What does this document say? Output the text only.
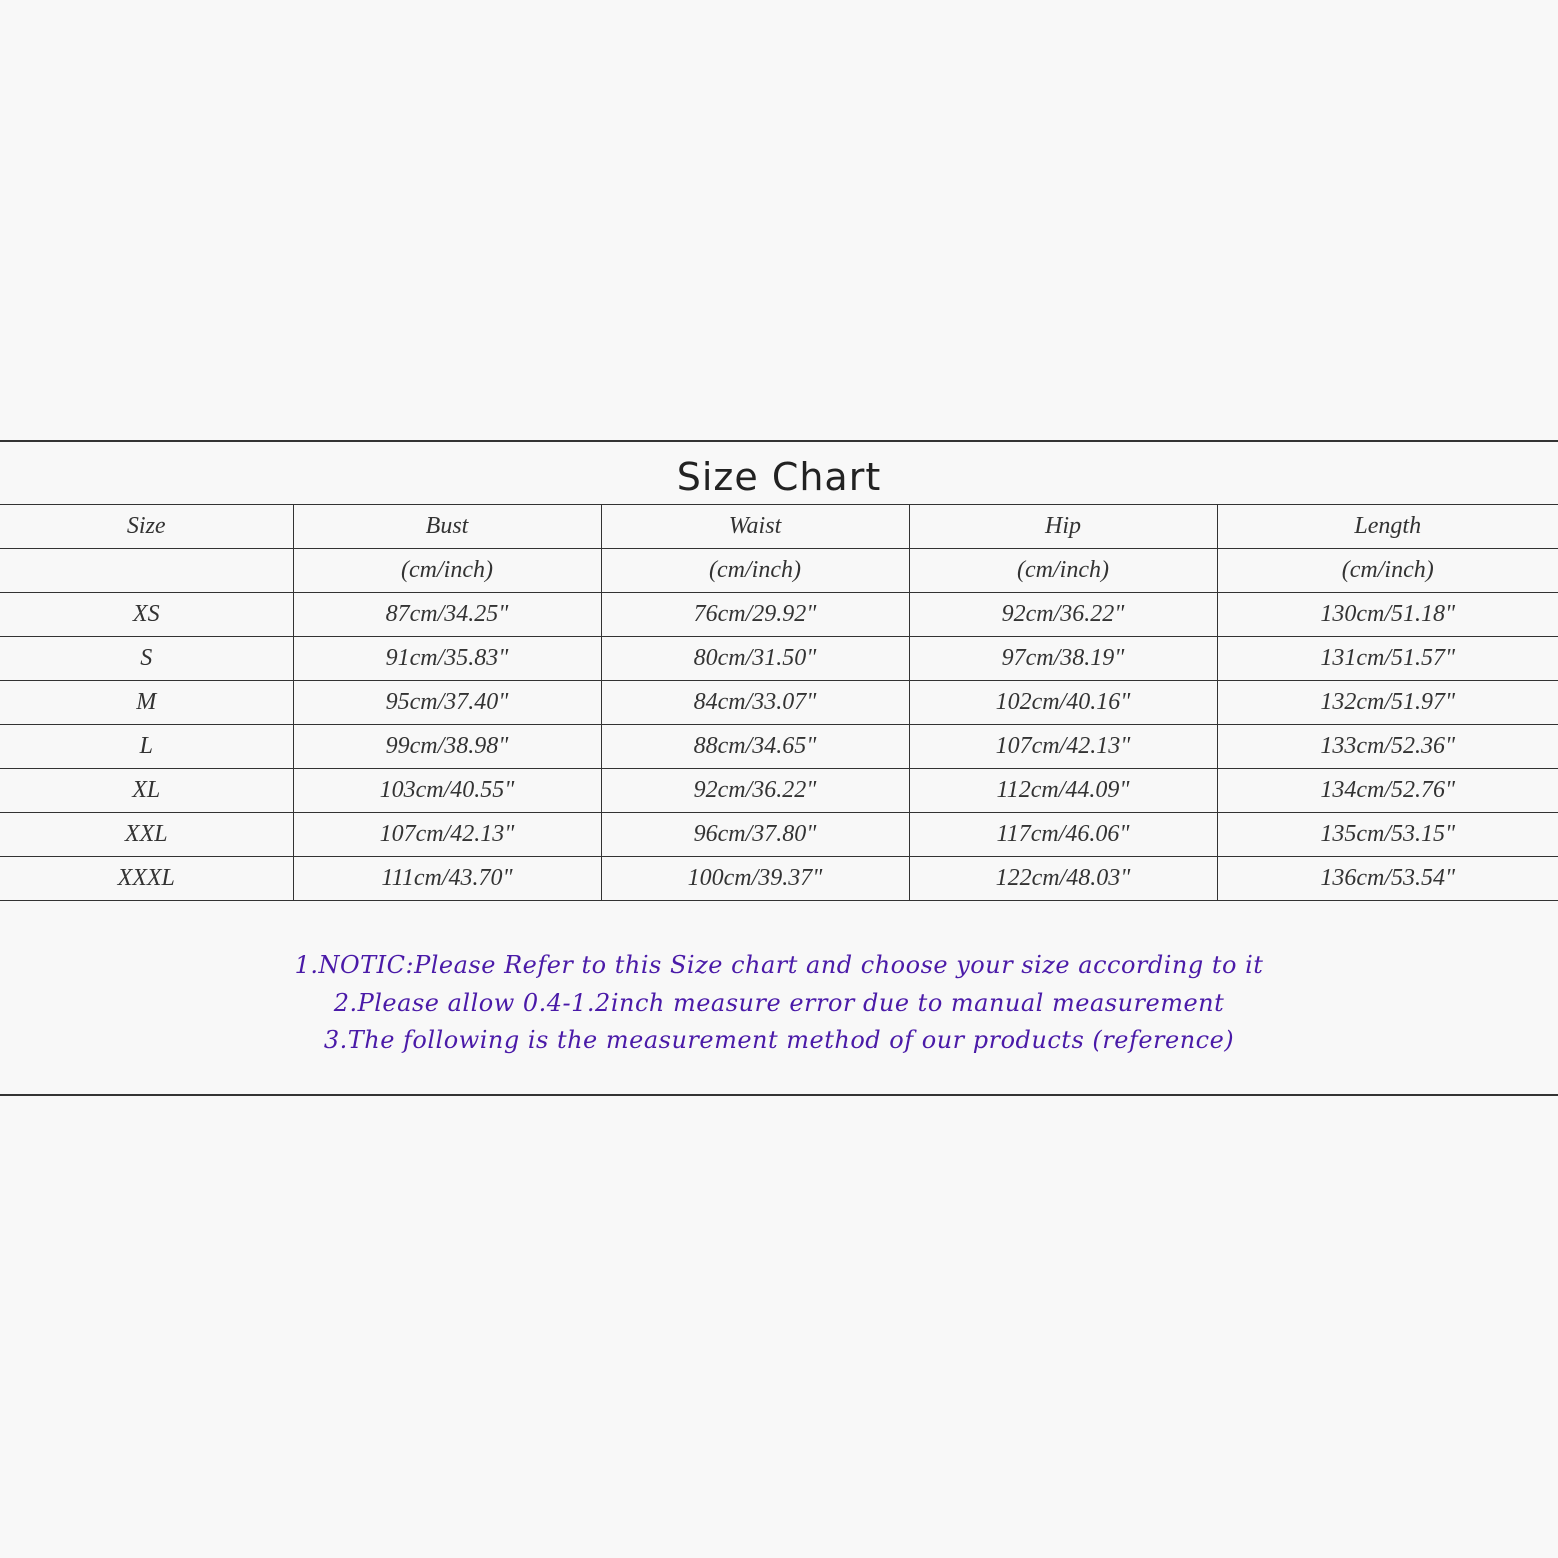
Size Chart
Size	Bust	Waist	Hip	Length
	(cm/inch)	(cm/inch)	(cm/inch)	(cm/inch)
XS	87cm/34.25"	76cm/29.92"	92cm/36.22"	130cm/51.18"
S	91cm/35.83"	80cm/31.50"	97cm/38.19"	131cm/51.57"
M	95cm/37.40"	84cm/33.07"	102cm/40.16"	132cm/51.97"
L	99cm/38.98"	88cm/34.65"	107cm/42.13"	133cm/52.36"
XL	103cm/40.55"	92cm/36.22"	112cm/44.09"	134cm/52.76"
XXL	107cm/42.13"	96cm/37.80"	117cm/46.06"	135cm/53.15"
XXXL	111cm/43.70"	100cm/39.37"	122cm/48.03"	136cm/53.54"
1.NOTIC:Please Refer to this Size chart and choose your size according to it
2.Please allow 0.4-1.2inch measure error due to manual measurement
3.The following is the measurement method of our products (reference)
